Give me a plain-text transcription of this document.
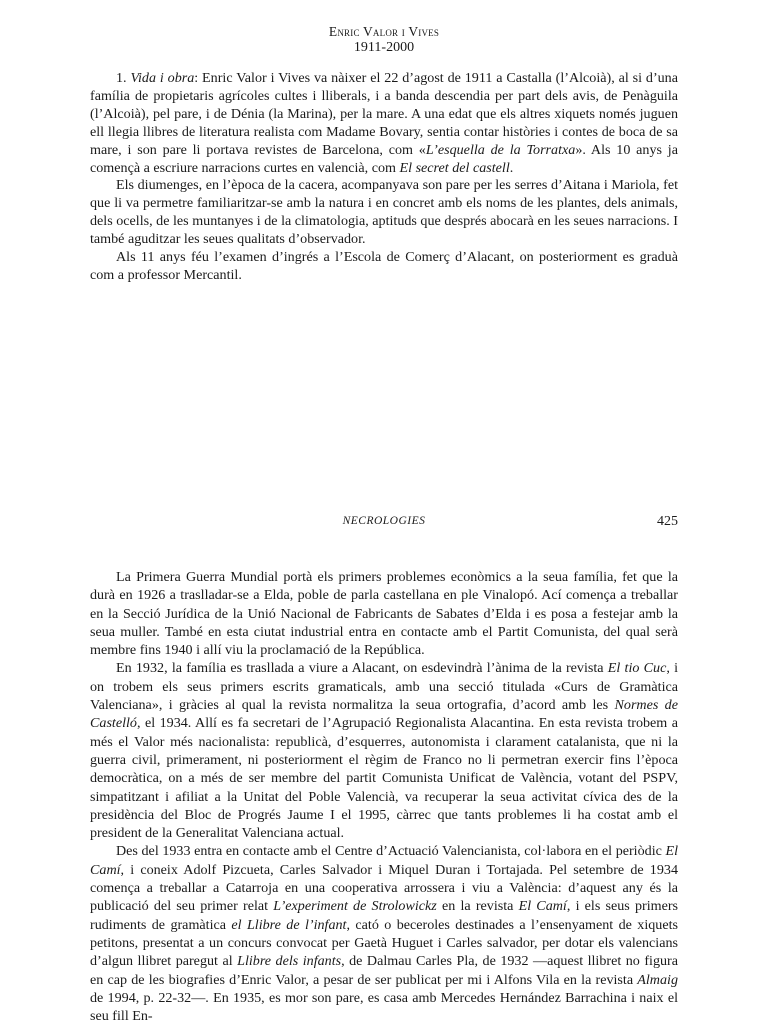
Enric Valor i Vives
1911-2000

1. Vida i obra: Enric Valor i Vives va nàixer el 22 d’agost de 1911 a Castalla (l’Alcoià), al si d’una família de propietaris agrícoles cultes i lliberals, i a banda descendia per part dels avis, de Penàguila (l’Alcoià), pel pare, i de Dénia (la Marina), per la mare. A una edat que els altres xiquets només juguen ell llegia llibres de literatura realista com Madame Bovary, sentia contar històries i contes de boca de sa mare, i son pare li portava revistes de Barcelona, com «L’esquella de la Torratxa». Als 10 anys ja començà a escriure narracions curtes en valencià, com El secret del castell.

Els diumenges, en l’època de la cacera, acompanyava son pare per les serres d’Aitana i Mariola, fet que li va permetre familiaritzar-se amb la natura i en concret amb els noms de les plantes, dels animals, dels ocells, de les muntanyes i de la climatologia, aptituds que després abocarà en les seues narracions. I també aguditzar les seues qualitats d’observador.

Als 11 anys féu l’examen d’ingrés a l’Escola de Comerç d’Alacant, on posteriorment es graduà com a professor Mercantil.

NECROLOGIES	425

La Primera Guerra Mundial portà els primers problemes econòmics a la seua família, fet que la durà en 1926 a traslladar-se a Elda, poble de parla castellana en ple Vinalopó. Ací comença a treballar en la Secció Jurídica de la Unió Nacional de Fabricants de Sabates d’Elda i es posa a festejar amb la seua muller. També en esta ciutat industrial entra en contacte amb el Partit Comunista, del qual serà membre fins 1940 i allí viu la proclamació de la República.

En 1932, la família es trasllada a viure a Alacant, on esdevindrà l’ànima de la revista El tio Cuc, i on trobem els seus primers escrits gramaticals, amb una secció titulada «Curs de Gramàtica Valenciana», i gràcies al qual la revista normalitza la seua ortografia, d’acord amb les Normes de Castelló, el 1934. Allí es fa secretari de l’Agrupació Regionalista Alacantina. En esta revista trobem a més el Valor més nacionalista: republicà, d’esquerres, autonomista i clarament catalanista, que ni la guerra civil, primerament, ni posteriorment el règim de Franco no li permetran exercir fins l’època democràtica, on a més de ser membre del partit Comunista Unificat de València, votant del PSPV, simpatitzant i afiliat a la Unitat del Poble Valencià, va recuperar la seua activitat cívica des de la presidència del Bloc de Progrés Jaume I el 1995, càrrec que tants problemes li ha costat amb el president de la Generalitat Valenciana actual.

Des del 1933 entra en contacte amb el Centre d’Actuació Valencianista, col·labora en el periòdic El Camí, i coneix Adolf Pizcueta, Carles Salvador i Miquel Duran i Tortajada. Pel setembre de 1934 comença a treballar a Catarroja en una cooperativa arrossera i viu a València: d’aquest any és la publicació del seu primer relat L’experiment de Strolowickz en la revista El Camí, i els seus primers rudiments de gramàtica el Llibre de l’infant, cató o beceroles destinades a l’ensenyament de xiquets petitons, presentat a un concurs convocat per Gaetà Huguet i Carles salvador, per dotar els valencians d’algun llibret paregut al Llibre dels infants, de Dalmau Carles Pla, de 1932 —aquest llibret no figura en cap de les biografies d’Enric Valor, a pesar de ser publicat per mi i Alfons Vila en la revista Almaig de 1994, p. 22-32—. En 1935, es mor son pare, es casa amb Mercedes Hernández Barrachina i naix el seu fill En-
